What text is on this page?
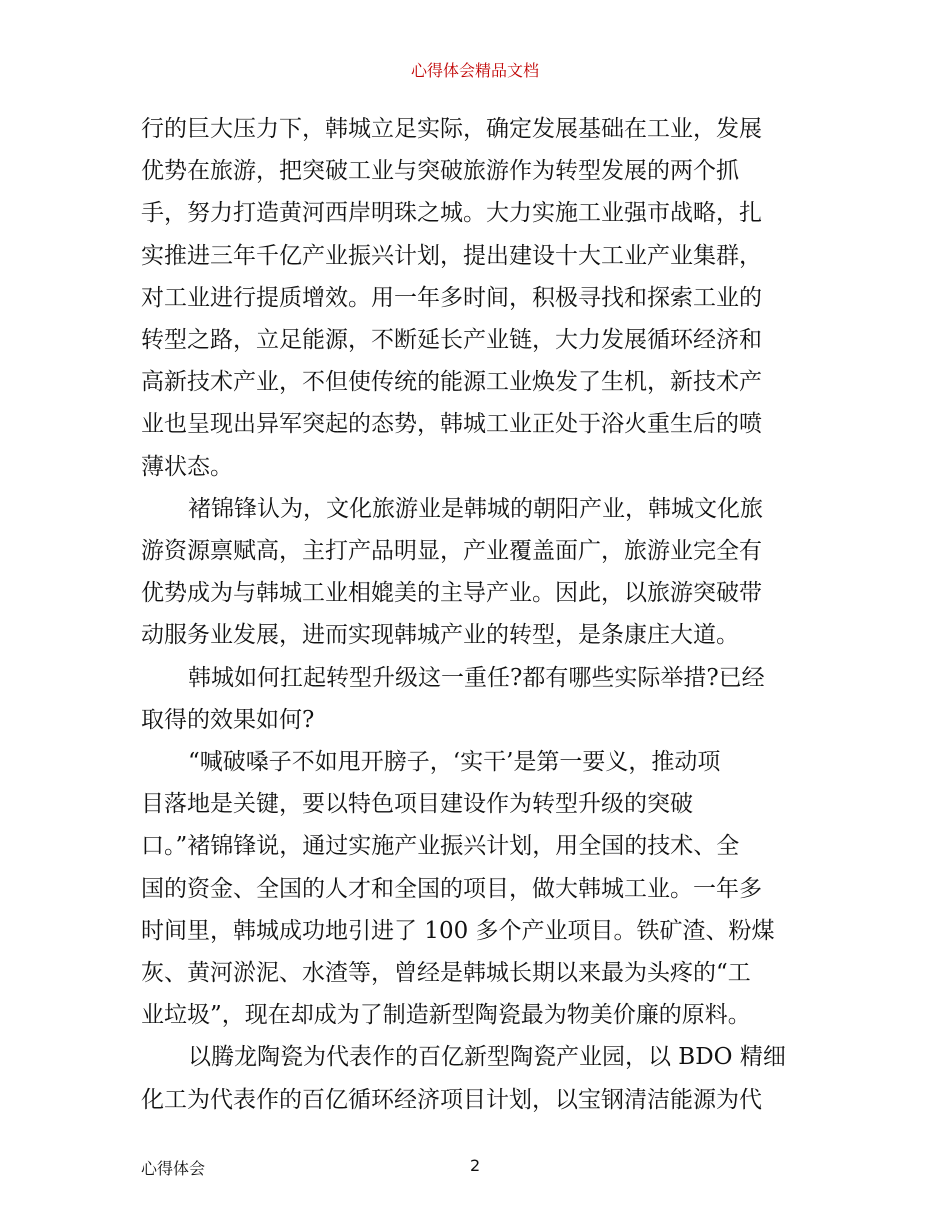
心得体会精品文档
行的巨大压力下，韩城立足实际，确定发展基础在工业，发展
优势在旅游，把突破工业与突破旅游作为转型发展的两个抓
手，努力打造黄河西岸明珠之城。大力实施工业强市战略，扎
实推进三年千亿产业振兴计划，提出建设十大工业产业集群，
对工业进行提质增效。用一年多时间，积极寻找和探索工业的
转型之路，立足能源，不断延长产业链，大力发展循环经济和
高新技术产业，不但使传统的能源工业焕发了生机，新技术产
业也呈现出异军突起的态势，韩城工业正处于浴火重生后的喷
薄状态。
褚锦锋认为，文化旅游业是韩城的朝阳产业，韩城文化旅
游资源禀赋高，主打产品明显，产业覆盖面广，旅游业完全有
优势成为与韩城工业相媲美的主导产业。因此，以旅游突破带
动服务业发展，进而实现韩城产业的转型，是条康庄大道。
韩城如何扛起转型升级这一重任?都有哪些实际举措?已经
取得的效果如何?
“喊破嗓子不如甩开膀子，‘实干’是第一要义，推动项
目落地是关键，要以特色项目建设作为转型升级的突破
口。”褚锦锋说，通过实施产业振兴计划，用全国的技术、全
国的资金、全国的人才和全国的项目，做大韩城工业。一年多
时间里，韩城成功地引进了 100 多个产业项目。铁矿渣、粉煤
灰、黄河淤泥、水渣等，曾经是韩城长期以来最为头疼的“工
业垃圾”，现在却成为了制造新型陶瓷最为物美价廉的原料。
以腾龙陶瓷为代表作的百亿新型陶瓷产业园，以 BDO 精细
化工为代表作的百亿循环经济项目计划，以宝钢清洁能源为代
心得体会	2
